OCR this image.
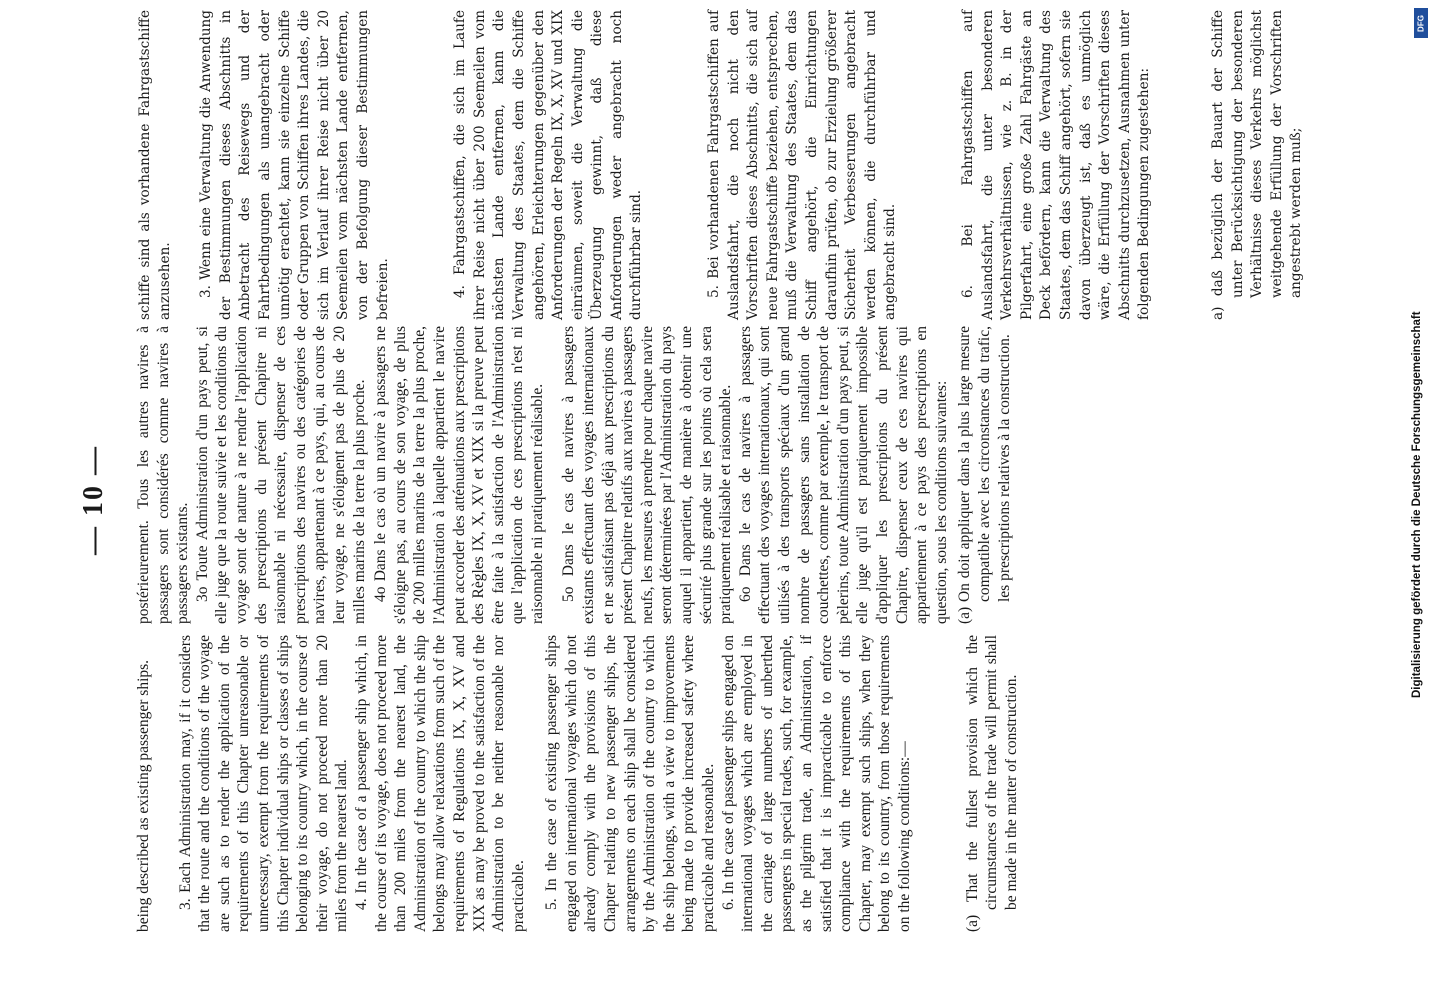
— 10 —

being described as existing passenger ships. 3. Each Administration may, if it considers that the route and the conditions of the voyage are such as to render the application of the requirements of this Chapter unreasonable or unnecessary, exempt from the requirements of this Chapter individual ships or classes of ships belonging to its country which, in the course of their voyage, do not proceed more than 20 miles from the nearest land. 4. In the case of a passenger ship which, in the course of its voyage, does not proceed more than 200 miles from the nearest land, the Administration of the country to which the ship belongs may allow relaxations from such of the requirements of Regulations IX, X, XV and XIX as may be proved to the satisfaction of the Administration to be neither reasonable nor practicable. 5. In the case of existing passenger ships engaged on international voyages which do not already comply with the provisions of this Chapter relating to new passenger ships, the arrangements on each ship shall be considered by the Administration of the country to which the ship belongs, with a view to improvements being made to provide increased safety where practicable and reasonable. 6. In the case of passenger ships engaged on international voyages which are employed in the carriage of large numbers of unberthed passengers in special trades, such, for example, as the pilgrim trade, an Administration, if satisfied that it is impracticable to enforce compliance with the requirements of this Chapter, may exempt such ships, when they belong to its country, from those requirements on the following conditions:—	(a) That the fullest provision which the circumstances of the trade will permit shall be made in the matter of construction.

postérieurement. Tous les autres navires à passagers sont considérés comme navires à passagers existants. 3o Toute Administration d'un pays peut, si elle juge que la route suivie et les conditions du voyage sont de nature à ne rendre l'application des prescriptions du présent Chapitre ni raisonnable ni nécessaire, dispenser de ces prescriptions des navires ou des catégories de navires, appartenant à ce pays, qui, au cours de leur voyage, ne s'éloignent pas de plus de 20 milles marins de la terre la plus proche. 4o Dans le cas où un navire à passagers ne s'éloigne pas, au cours de son voyage, de plus de 200 milles marins de la terre la plus proche, l'Administration à laquelle appartient le navire peut accorder des atténuations aux prescriptions des Règles IX, X, XV et XIX si la preuve peut être faite à la satisfaction de l'Administration que l'application de ces prescriptions n'est ni raisonnable ni pratiquement réalisable. 5o Dans le cas de navires à passagers existants effectuant des voyages internationaux et ne satisfaisant pas déjà aux prescriptions du présent Chapitre relatifs aux navires à passagers neufs, les mesures à prendre pour chaque navire seront déterminées par l'Administration du pays auquel il appartient, de manière à obtenir une sécurité plus grande sur les points où cela sera pratiquement réalisable et raisonnable. 6o Dans le cas de navires à passagers effectuant des voyages internationaux, qui sont utilisés à des transports spéciaux d'un grand nombre de passagers sans installation de couchettes, comme par exemple, le transport de pèlerins, toute Administration d'un pays peut, si elle juge qu'il est pratiquement impossible d'appliquer les prescriptions du présent Chapitre, dispenser ceux de ces navires qui appartiennent à ce pays des prescriptions en question, sous les conditions suivantes: (a) On doit appliquer dans la plus large mesure compatible avec les circonstances du trafic, les prescriptions relatives à la construction.

schiffe sind als vorhandene Fahrgastschiffe anzusehen. 3. Wenn eine Verwaltung die Anwendung der Bestimmungen dieses Abschnitts in Anbetracht des Reisewegs und der Fahrtbedingungen als unangebracht oder unnötig erachtet, kann sie einzelne Schiffe oder Gruppen von Schiffen ihres Landes, die sich im Verlauf ihrer Reise nicht über 20 Seemeilen vom nächsten Lande entfernen, von der Befolgung dieser Bestimmungen befreien.	4. Fahrgastschiffen, die sich im Laufe ihrer Reise nicht über 200 Seemeilen vom nächsten Lande entfernen, kann die Verwaltung des Staates, dem die Schiffe angehören, Erleichterungen gegenüber den Anforderungen der Regeln IX, X, XV und XIX einräumen, soweit die Verwaltung die Überzeugung gewinnt, daß diese Anforderungen weder angebracht noch durchführbar sind.	5. Bei vorhandenen Fahrgastschiffen auf Auslandsfahrt, die noch nicht den Vorschriften dieses Abschnitts, die sich auf neue Fahrgastschiffe beziehen, entsprechen, muß die Verwaltung des Staates, dem das Schiff angehört, die Einrichtungen daraufhin prüfen, ob zur Erzielung größerer Sicherheit Verbesserungen angebracht werden können, die durchführbar und angebracht sind.	6. Bei Fahrgastschiffen auf Auslandsfahrt, die unter besonderen Verkehrsverhältnissen, wie z. B. in der Pilgerfahrt, eine große Zahl Fahrgäste an Deck befördern, kann die Verwaltung des Staates, dem das Schiff angehört, sofern sie davon überzeugt ist, daß es unmöglich wäre, die Erfüllung der Vorschriften dieses Abschnitts durchzusetzen, Ausnahmen unter folgenden Bedingungen zugestehen:	a) daß bezüglich der Bauart der Schiffe unter Berücksichtigung der besonderen Verhältnisse dieses Verkehrs möglichst weitgehende Erfüllung der Vorschriften angestrebt werden muß;

Digitalisierung gefördert durch die Deutsche Forschungsgemeinschaft
DFG
